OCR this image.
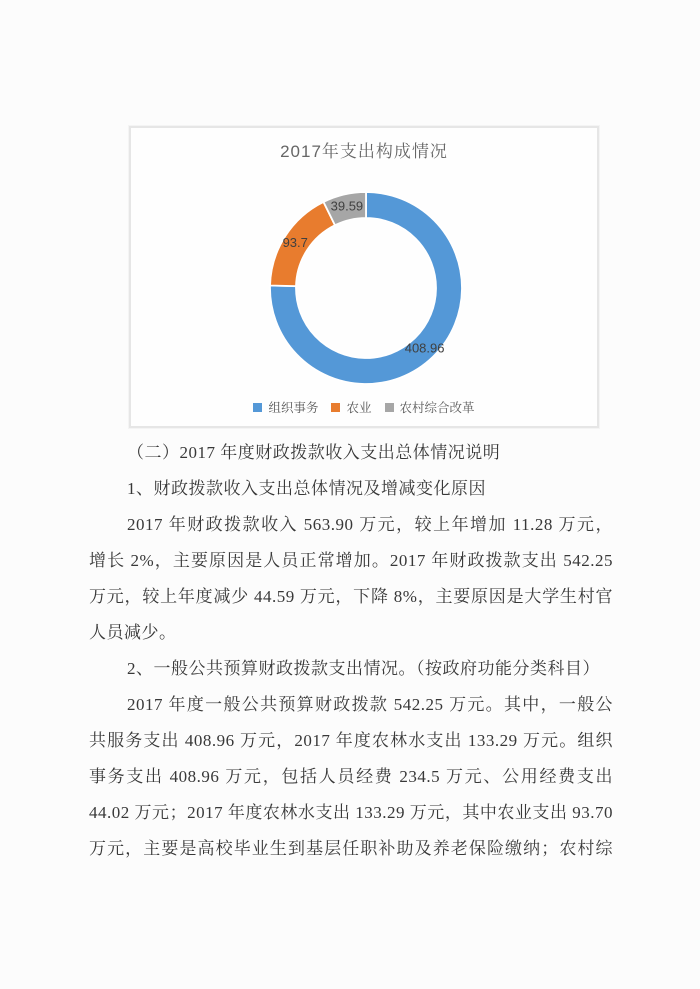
2017年支出构成情况
408.96
93.7
39.59
组织事务 农业 农村综合改革
（二）2017 年度财政拨款收入支出总体情况说明
1、财政拨款收入支出总体情况及增减变化原因
2017 年财政拨款收入 563.90 万元，较上年增加 11.28 万元，
增长 2%，主要原因是人员正常增加。2017 年财政拨款支出 542.25
万元，较上年度减少 44.59 万元，下降 8%，主要原因是大学生村官
人员减少。
2、一般公共预算财政拨款支出情况。（按政府功能分类科目）
2017 年度一般公共预算财政拨款 542.25 万元。其中，一般公
共服务支出 408.96 万元，2017 年度农林水支出 133.29 万元。组织
事务支出 408.96 万元，包括人员经费 234.5 万元、公用经费支出
44.02 万元；2017 年度农林水支出 133.29 万元，其中农业支出 93.70
万元，主要是高校毕业生到基层任职补助及养老保险缴纳；农村综
